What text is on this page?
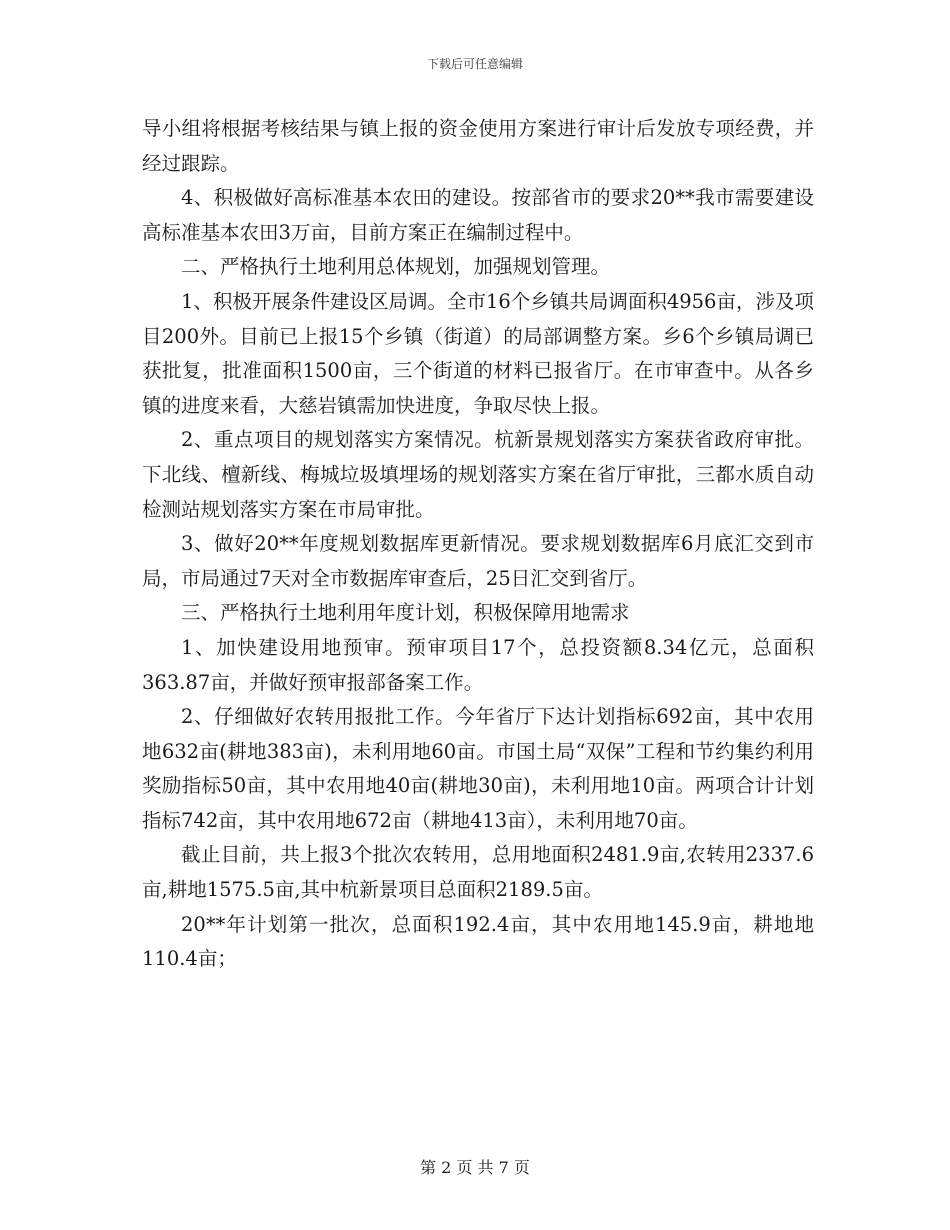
下载后可任意编辑

导小组将根据考核结果与镇上报的资金使用方案进行审计后发放专项经费，并经过跟踪。

4、积极做好高标准基本农田的建设。按部省市的要求20**我市需要建设高标准基本农田3万亩，目前方案正在编制过程中。

二、严格执行土地利用总体规划，加强规划管理。

1、积极开展条件建设区局调。全市16个乡镇共局调面积4956亩，涉及项目200外。目前已上报15个乡镇（街道）的局部调整方案。乡6个乡镇局调已获批复，批准面积1500亩，三个街道的材料已报省厅。在市审查中。从各乡镇的进度来看，大慈岩镇需加快进度，争取尽快上报。

2、重点项目的规划落实方案情况。杭新景规划落实方案获省政府审批。下北线、檀新线、梅城垃圾填埋场的规划落实方案在省厅审批，三都水质自动检测站规划落实方案在市局审批。

3、做好20**年度规划数据库更新情况。要求规划数据库6月底汇交到市局，市局通过7天对全市数据库审查后，25日汇交到省厅。

三、严格执行土地利用年度计划，积极保障用地需求

1、加快建设用地预审。预审项目17个，总投资额8.34亿元，总面积363.87亩，并做好预审报部备案工作。

2、仔细做好农转用报批工作。今年省厅下达计划指标692亩，其中农用地632亩(耕地383亩)，未利用地60亩。市国土局“双保”工程和节约集约利用奖励指标50亩，其中农用地40亩(耕地30亩)，未利用地10亩。两项合计计划指标742亩，其中农用地672亩（耕地413亩），未利用地70亩。

截止目前，共上报3个批次农转用，总用地面积2481.9亩,农转用2337.6亩,耕地1575.5亩,其中杭新景项目总面积2189.5亩。

20**年计划第一批次，总面积192.4亩，其中农用地145.9亩，耕地地110.4亩；

第 2 页 共 7 页
